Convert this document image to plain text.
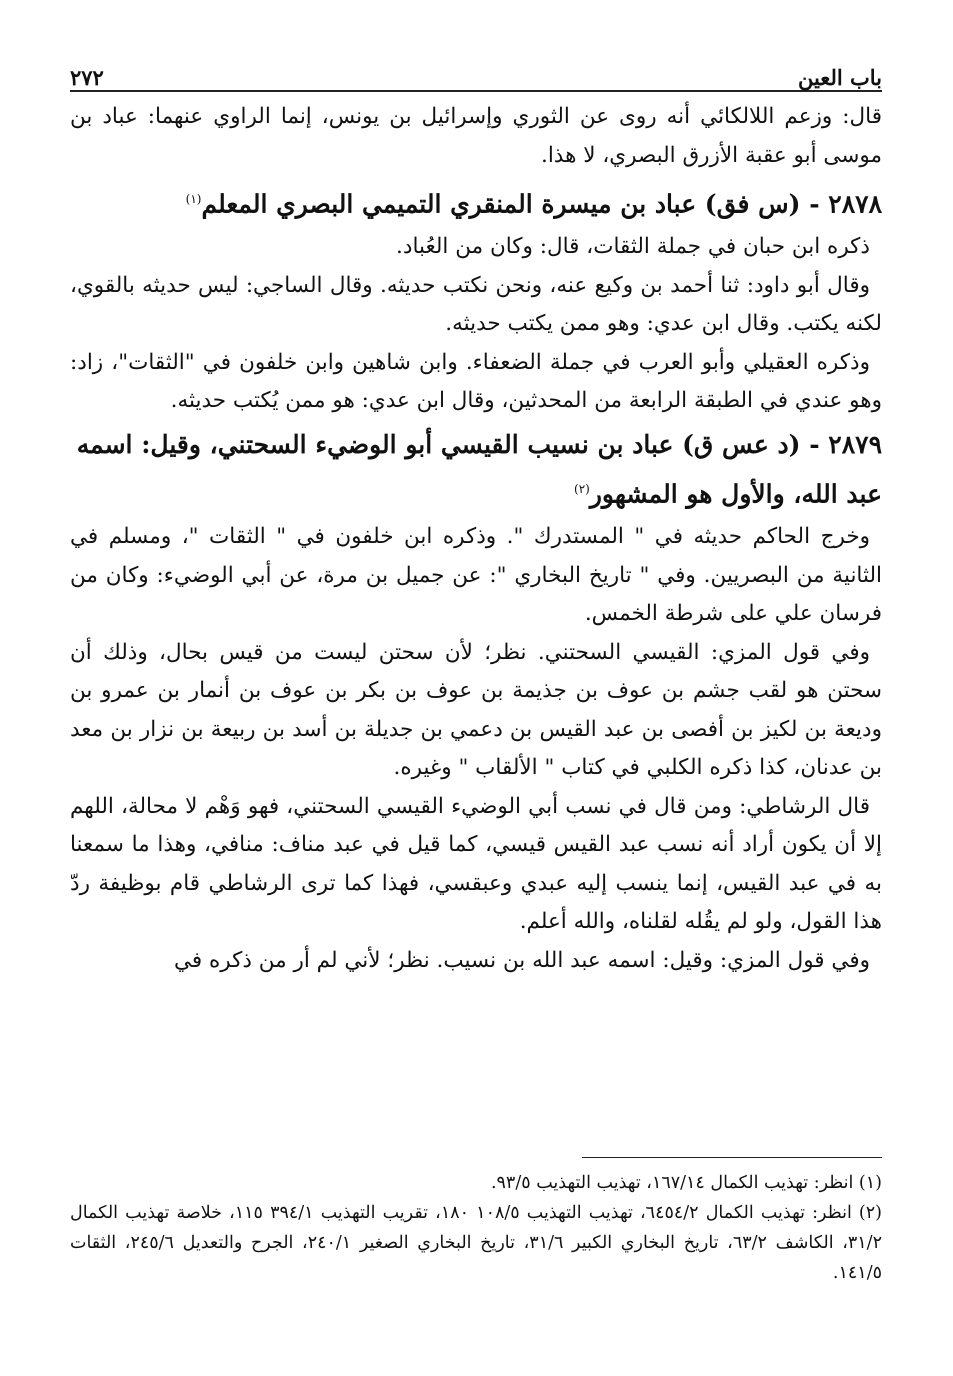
باب العين
٢٧٢

قال: وزعم اللالكائي أنه روى عن الثوري وإسرائيل بن يونس، إنما الراوي عنهما: عباد بن موسى أبو عقبة الأزرق البصري، لا هذا.

٢٨٧٨ - (س فق) عباد بن ميسرة المنقري التميمي البصري المعلم$^{(١)}$

ذكره ابن حبان في جملة الثقات، قال: وكان من العُباد.

وقال أبو داود: ثنا أحمد بن وكيع عنه، ونحن نكتب حديثه. وقال الساجي: ليس حديثه بالقوي، لكنه يكتب. وقال ابن عدي: وهو ممن يكتب حديثه.

وذكره العقيلي وأبو العرب في جملة الضعفاء. وابن شاهين وابن خلفون في "الثقات"، زاد: وهو عندي في الطبقة الرابعة من المحدثين، وقال ابن عدي: هو ممن يُكتب حديثه.

٢٨٧٩ - (د عس ق) عباد بن نسيب القيسي أبو الوضيء السحتني، وقيل: اسمه عبد الله، والأول هو المشهور$^{(٢)}$

وخرج الحاكم حديثه في " المستدرك ". وذكره ابن خلفون في " الثقات "، ومسلم في الثانية من البصريين. وفي " تاريخ البخاري ": عن جميل بن مرة، عن أبي الوضيء: وكان من فرسان علي على شرطة الخمس.

وفي قول المزي: القيسي السحتني. نظر؛ لأن سحتن ليست من قيس بحال، وذلك أن سحتن هو لقب جشم بن عوف بن جذيمة بن عوف بن بكر بن عوف بن أنمار بن عمرو بن وديعة بن لكيز بن أفصى بن عبد القيس بن دعمي بن جديلة بن أسد بن ربيعة بن نزار بن معد بن عدنان، كذا ذكره الكلبي في كتاب " الألقاب " وغيره.

قال الرشاطي: ومن قال في نسب أبي الوضيء القيسي السحتني، فهو وَهْم لا محالة، اللهم إلا أن يكون أراد أنه نسب عبد القيس قيسي، كما قيل في عبد مناف: منافي، وهذا ما سمعنا به في عبد القيس، إنما ينسب إليه عبدي وعبقسي، فهذا كما ترى الرشاطي قام بوظيفة ردّ هذا القول، ولو لم يقُله لقلناه، والله أعلم.

وفي قول المزي: وقيل: اسمه عبد الله بن نسيب. نظر؛ لأني لم أر من ذكره في

(١) انظر: تهذيب الكمال ١٦٧/١٤، تهذيب التهذيب ٩٣/٥.

(٢) انظر: تهذيب الكمال ٦٤٥٤/٢، تهذيب التهذيب ١٠٨/٥ ١٨٠، تقريب التهذيب ٣٩٤/١ ١١٥، خلاصة تهذيب الكمال ٣١/٢، الكاشف ٦٣/٢، تاريخ البخاري الكبير ٣١/٦، تاريخ البخاري الصغير ٢٤٠/١، الجرح والتعديل ٢٤٥/٦، الثقات ١٤١/٥.
